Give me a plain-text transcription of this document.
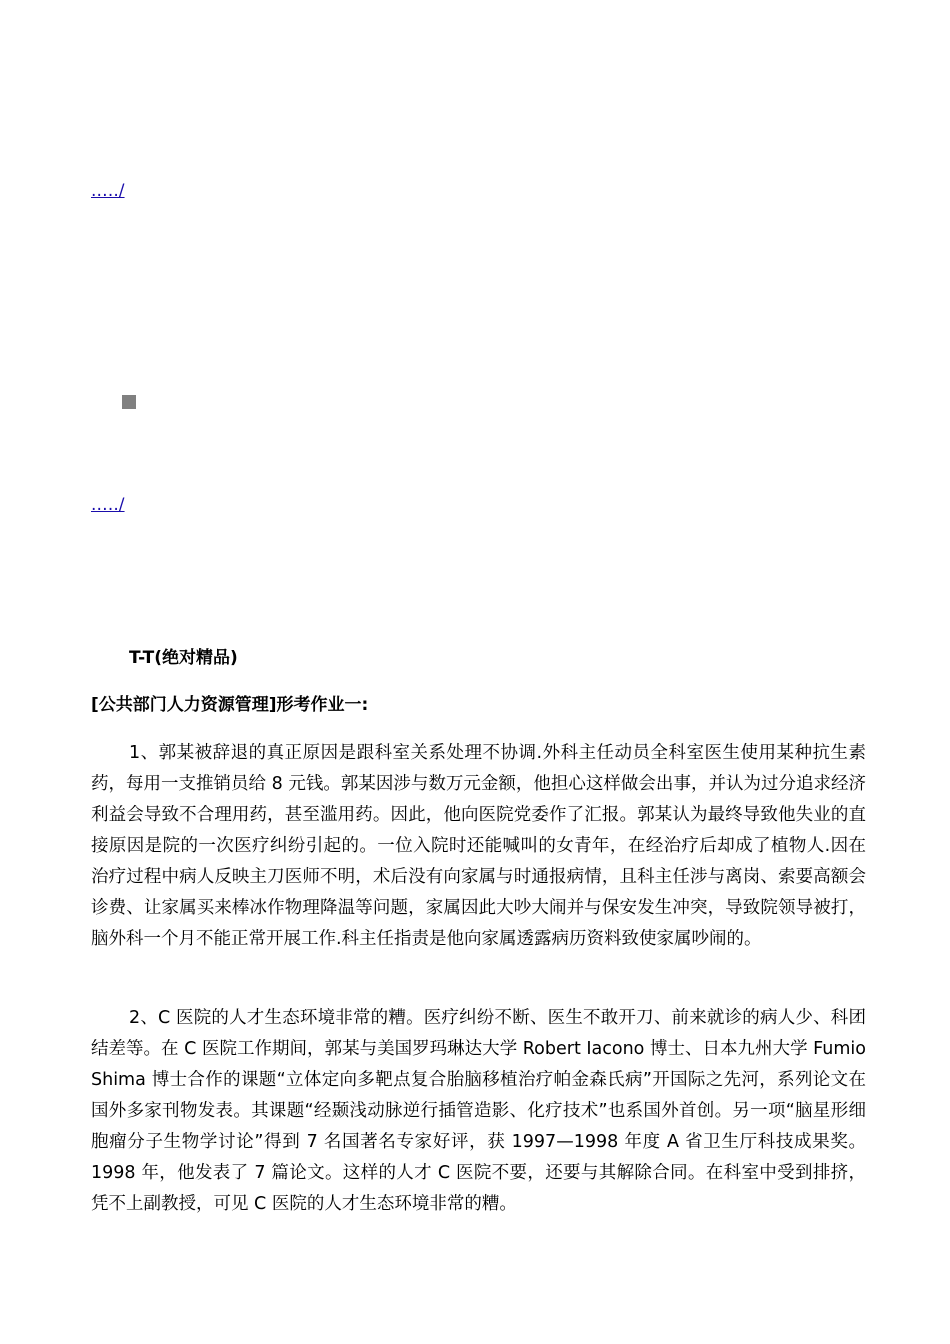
.…./
.…./
T-T(绝对精品)
[公共部门人力资源管理]形考作业一:

1、郭某被辞退的真正原因是跟科室关系处理不协调.外科主任动员全科室医生使用某种抗生素药，每用一支推销员给 8 元钱。郭某因涉与数万元金额，他担心这样做会出事，并认为过分追求经济利益会导致不合理用药，甚至滥用药。因此，他向医院党委作了汇报。郭某认为最终导致他失业的直接原因是院的一次医疗纠纷引起的。一位入院时还能喊叫的女青年，在经治疗后却成了植物人.因在治疗过程中病人反映主刀医师不明，术后没有向家属与时通报病情，且科主任涉与离岗、索要高额会诊费、让家属买来棒冰作物理降温等问题，家属因此大吵大闹并与保安发生冲突，导致院领导被打，脑外科一个月不能正常开展工作.科主任指责是他向家属透露病历资料致使家属吵闹的。

2、C 医院的人才生态环境非常的糟。医疗纠纷不断、医生不敢开刀、前来就诊的病人少、科团结差等。在 C 医院工作期间，郭某与美国罗玛琳达大学 Robert Iacono 博士、日本九州大学 Fumio Shima 博士合作的课题“立体定向多靶点复合胎脑移植治疗帕金森氏病”开国际之先河，系列论文在国外多家刊物发表。其课题“经颞浅动脉逆行插管造影、化疗技术”也系国外首创。另一项“脑星形细胞瘤分子生物学讨论”得到 7 名国著名专家好评，获 1997—1998 年度 A 省卫生厅科技成果奖。1998 年，他发表了 7 篇论文。这样的人才 C 医院不要，还要与其解除合同。在科室中受到排挤，凭不上副教授，可见 C 医院的人才生态环境非常的糟。
